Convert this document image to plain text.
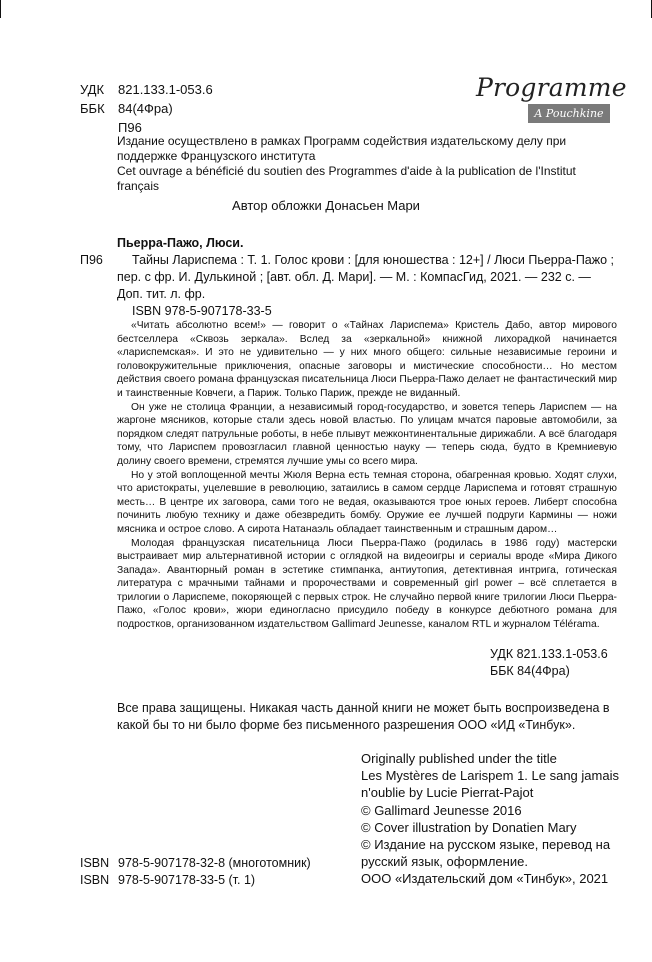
УДК	821.133.1-053.6
ББК	84(4Фра)
П96
Programme
A Pouchkine
Издание осуществлено в рамках Программ содействия издательскому делу при поддержке Французского института
Cet ouvrage a bénéficié du soutien des Programmes d'aide à la publication de l'Institut français
Автор обложки Донасьен Мари
Пьерра-Пажо, Люси.
П96	Тайны Лариспема : Т. 1. Голос крови : [для юношества : 12+] / Люси Пьерра-Пажо ; пер. с фр. И. Дулькиной ; [авт. обл. Д. Мари]. — М. : КомпасГид, 2021. — 232 с. — Доп. тит. л. фр.
ISBN 978-5-907178-33-5

«Читать абсолютно всем!» — говорит о «Тайнах Лариспема» Кристель Дабо, автор мирового бестселлера «Сквозь зеркала». Вслед за «зеркальной» книжной лихорадкой начинается «лариспемская». И это не удивительно — у них много общего: сильные независимые героини и головокружительные приключения, опасные заговоры и мистические способности… Но местом действия своего романа французская писательница Люси Пьерра-Пажо делает не фантастический мир и таинственные Ковчеги, а Париж. Только Париж, прежде не виданный.

Он уже не столица Франции, а независимый город-государство, и зовется теперь Лариспем — на жаргоне мясников, которые стали здесь новой властью. По улицам мчатся паровые автомобили, за порядком следят патрульные роботы, в небе плывут межконтинентальные дирижабли. А всё благодаря тому, что Лариспем провозгласил главной ценностью науку — теперь сюда, будто в Кремниевую долину своего времени, стремятся лучшие умы со всего мира.

Но у этой воплощенной мечты Жюля Верна есть темная сторона, обагренная кровью. Ходят слухи, что аристократы, уцелевшие в революцию, затаились в самом сердце Лариспема и готовят страшную месть… В центре их заговора, сами того не ведая, оказываются трое юных героев. Либерт способна починить любую технику и даже обезвредить бомбу. Оружие ее лучшей подруги Кармины — ножи мясника и острое слово. А сирота Натанаэль обладает таинственным и страшным даром…

Молодая французская писательница Люси Пьерра-Пажо (родилась в 1986 году) мастерски выстраивает мир альтернативной истории с оглядкой на видеоигры и сериалы вроде «Мира Дикого Запада». Авантюрный роман в эстетике стимпанка, антиутопия, детективная интрига, готическая литература с мрачными тайнами и пророчествами и современный girl power – всё сплетается в трилогии о Лариспеме, покоряющей с первых строк. Не случайно первой книге трилогии Люси Пьерра-Пажо, «Голос крови», жюри единогласно присудило победу в конкурсе дебютного романа для подростков, организованном издательством Gallimard Jeunesse, каналом RTL и журналом Télérama.

УДК 821.133.1-053.6
ББК 84(4Фра)
Все права защищены. Никакая часть данной книги не может быть воспроизведена в какой бы то ни было форме без письменного разрешения ООО «ИД «Тинбук».
Originally published under the title
Les Mystères de Larispem 1. Le sang jamais n'oublie by Lucie Pierrat-Pajot
© Gallimard Jeunesse 2016
© Cover illustration by Donatien Mary
© Издание на русском языке, перевод на русский язык, оформление.
ООО «Издательский дом «Тинбук», 2021
ISBN 978-5-907178-32-8 (многотомник)
ISBN 978-5-907178-33-5 (т. 1)
